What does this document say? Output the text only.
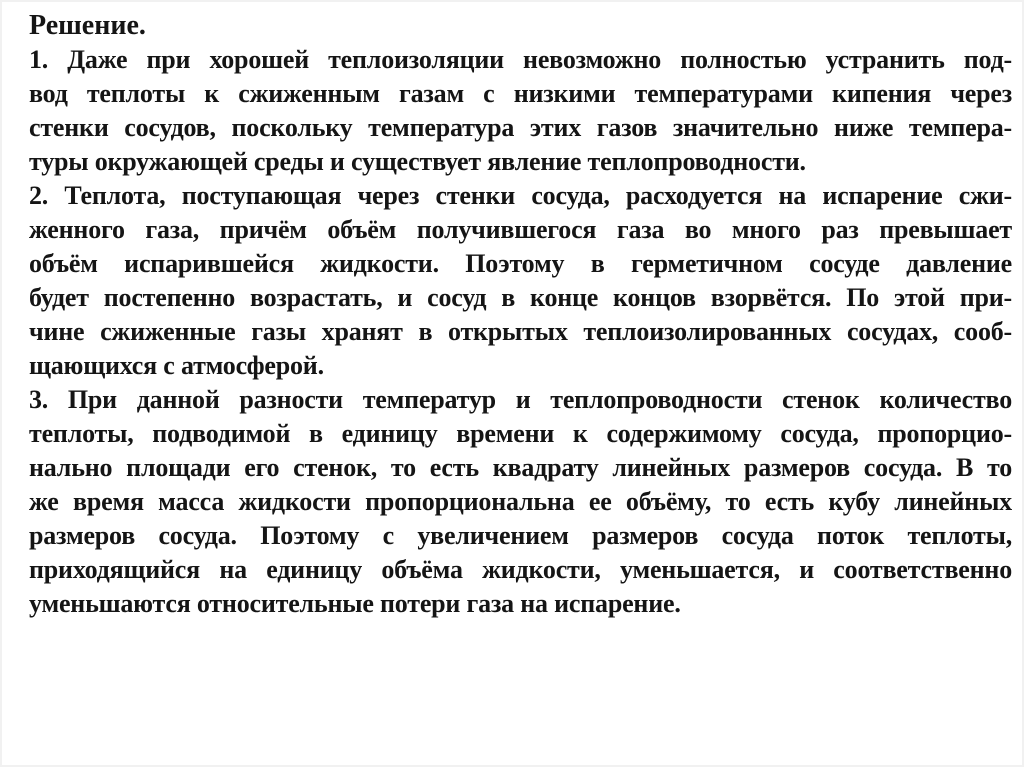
Решение.
1. Даже при хорошей теплоизоляции невозможно полностью устранить под-
вод теплоты к сжиженным газам с низкими температурами кипения через
стенки сосудов, поскольку температура этих газов значительно ниже темпера-
туры окружающей среды и существует явление теплопроводности.
2. Теплота, поступающая через стенки сосуда, расходуется на испарение сжи-
женного газа, причём объём получившегося газа во много раз превышает
объём испарившейся жидкости. Поэтому в герметичном сосуде давление
будет постепенно возрастать, и сосуд в конце концов взорвётся. По этой при-
чине сжиженные газы хранят в открытых теплоизолированных сосудах, сооб-
щающихся с атмосферой.
3. При данной разности температур и теплопроводности стенок количество
теплоты, подводимой в единицу времени к содержимому сосуда, пропорцио-
нально площади его стенок, то есть квадрату линейных размеров сосуда. В то
же время масса жидкости пропорциональна ее объёму, то есть кубу линейных
размеров сосуда. Поэтому с увеличением размеров сосуда поток теплоты,
приходящийся на единицу объёма жидкости, уменьшается, и соответственно
уменьшаются относительные потери газа на испарение.
